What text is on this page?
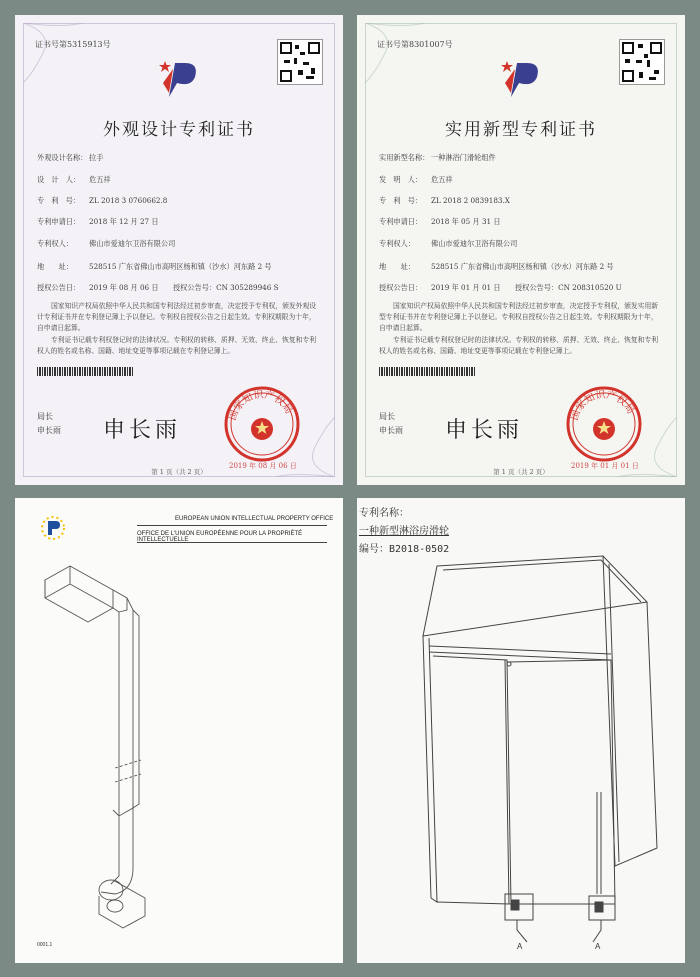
证书号第5315913号
外观设计专利证书
外观设计名称： 拉手
设　计　人： 危五祥
专　利　号： ZL 2018 3 0760662.8
专利申请日： 2018 年 12 月 27 日
专利权人： 佛山市爱迪尔卫浴有限公司
地　　址： 528515 广东省佛山市高明区杨和镇（沙水）河东路 2 号
授权公告日： 2019 年 08 月 06 日　　授权公告号：CN 305289946 S
国家知识产权局依照中华人民共和国专利法经过初步审查，决定授予专利权，颁发外观设计专利证书并在专利登记簿上予以登记。专利权自授权公告之日起生效。专利权期限为十年，自申请日起算。
专利证书记载专利权登记时的法律状况。专利权的转移、质押、无效、终止、恢复和专利权人的姓名或名称、国籍、地址变更等事项记载在专利登记簿上。
局长
申长雨 申长雨
国家知识产权局
2019 年 08 月 06 日
第 1 页（共 2 页）
证书号第8301007号
实用新型专利证书
实用新型名称： 一种淋浴门滑轮组件
发　明　人： 危五祥
专　利　号： ZL 2018 2 0839183.X
专利申请日： 2018 年 05 月 31 日
专利权人： 佛山市爱迪尔卫浴有限公司
地　　址： 528515 广东省佛山市高明区杨和镇（沙水）河东路 2 号
授权公告日： 2019 年 01 月 01 日　　授权公告号：CN 208310520 U
国家知识产权局依照中华人民共和国专利法经过初步审查，决定授予专利权，颁发实用新型专利证书并在专利登记簿上予以登记。专利权自授权公告之日起生效。专利权期限为十年，自申请日起算。
专利证书记载专利权登记时的法律状况。专利权的转移、质押、无效、终止、恢复和专利权人的姓名或名称、国籍、地址变更等事项记载在专利登记簿上。
局长
申长雨 申长雨
国家知识产权局
2019 年 01 月 01 日
第 1 页（共 2 页）
EUROPEAN UNION INTELLECTUAL PROPERTY OFFICE
OFFICE DE L'UNION EUROPÉENNE POUR LA PROPRIÉTÉ INTELLECTUELLE
0001.1
专利名称：
一种新型淋浴房滑轮
编号：B2018-0502
A	A
